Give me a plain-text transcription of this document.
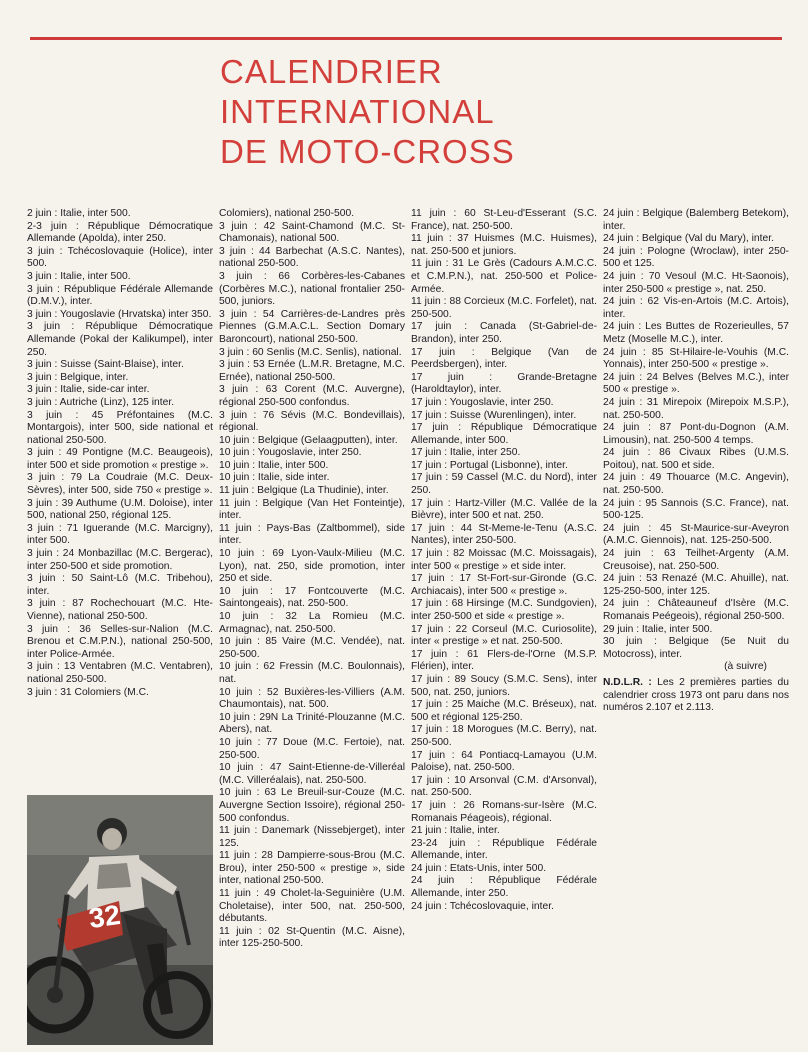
CALENDRIER
INTERNATIONAL
DE MOTO-CROSS

2 juin : Italie, inter 500.

2-3 juin : République Démocratique Allemande (Apolda), inter 250.

3 juin : Tchécoslovaquie (Holice), inter 500.

3 juin : Italie, inter 500.

3 juin : République Fédérale Allemande (D.M.V.), inter.

3 juin : Yougoslavie (Hrvatska) inter 350.

3 juin : République Démocratique Allemande (Pokal der Kalikumpel), inter 250.

3 juin : Suisse (Saint-Blaise), inter.

3 juin : Belgique, inter.

3 juin : Italie, side-car inter.

3 juin : Autriche (Linz), 125 inter.

3 juin : 45 Préfontaines (M.C. Montargois), inter 500, side national et national 250-500.

3 juin : 49 Pontigne (M.C. Beaugeois), inter 500 et side promotion « prestige ».

3 juin : 79 La Coudraie (M.C. Deux-Sèvres), inter 500, side 750 « prestige ».

3 juin : 39 Authume (U.M. Doloise), inter 500, national 250, régional 125.

3 juin : 71 Iguerande (M.C. Marcigny), inter 500.

3 juin : 24 Monbazillac (M.C. Bergerac), inter 250-500 et side promotion.

3 juin : 50 Saint-Lô (M.C. Tribehou), inter.

3 juin : 87 Rochechouart (M.C. Hte-Vienne), national 250-500.

3 juin : 36 Selles-sur-Nalion (M.C. Brenou et C.M.P.N.), national 250-500, inter Police-Armée.

3 juin : 13 Ventabren (M.C. Ventabren), national 250-500.

3 juin : 31 Colomiers (M.C.

Colomiers), national 250-500.

3 juin : 42 Saint-Chamond (M.C. St-Chamonais), national 500.

3 juin : 44 Barbechat (A.S.C. Nantes), national 250-500.

3 juin : 66 Corbères-les-Cabanes (Corbères M.C.), national frontalier 250-500, juniors.

3 juin : 54 Carrières-de-Landres près Piennes (G.M.A.C.L. Section Domary Baroncourt), national 250-500.

3 juin : 60 Senlis (M.C. Senlis), national.

3 juin : 53 Ernée (L.M.R. Bretagne, M.C. Ernée), national 250-500.

3 juin : 63 Corent (M.C. Auvergne), régional 250-500 confondus.

3 juin : 76 Sévis (M.C. Bondevillais), régional.

10 juin : Belgique (Gelaagputten), inter.

10 juin : Yougoslavie, inter 250.

10 juin : Italie, inter 500.

10 juin : Italie, side inter.

11 juin : Belgique (La Thudinie), inter.

11 juin : Belgique (Van Het Fonteintje), inter.

11 juin : Pays-Bas (Zaltbommel), side inter.

10 juin : 69 Lyon-Vaulx-Milieu (M.C. Lyon), nat. 250, side promotion, inter 250 et side.

10 juin : 17 Fontcouverte (M.C. Saintongeais), nat. 250-500.

10 juin : 32 La Romieu (M.C. Armagnac), nat. 250-500.

10 juin : 85 Vaire (M.C. Vendée), nat. 250-500.

10 juin : 62 Fressin (M.C. Boulonnais), nat.

10 juin : 52 Buxières-les-Villiers (A.M. Chaumontais), nat. 500.

10 juin : 29N La Trinité-Plouzanne (M.C. Abers), nat.

10 juin : 77 Doue (M.C. Fertoie), nat. 250-500.

10 juin : 47 Saint-Etienne-de-Villeréal (M.C. Villeréalais), nat. 250-500.

10 juin : 63 Le Breuil-sur-Couze (M.C. Auvergne Section Issoire), régional 250-500 confondus.

11 juin : Danemark (Nissebjerget), inter 125.

11 juin : 28 Dampierre-sous-Brou (M.C. Brou), inter 250-500 « prestige », side inter, national 250-500.

11 juin : 49 Cholet-la-Seguinière (U.M. Choletaise), inter 500, nat. 250-500, débutants.

11 juin : 02 St-Quentin (M.C. Aisne), inter 125-250-500.

11 juin : 60 St-Leu-d'Esserant (S.C. France), nat. 250-500.

11 juin : 37 Huismes (M.C. Huismes), nat. 250-500 et juniors.

11 juin : 31 Le Grès (Cadours A.M.C.C. et C.M.P.N.), nat. 250-500 et Police-Armée.

11 juin : 88 Corcieux (M.C. Forfelet), nat. 250-500.

17 juin : Canada (St-Gabriel-de-Brandon), inter 250.

17 juin : Belgique (Van de Peerdsbergen), inter.

17 juin : Grande-Bretagne (Haroldtaylor), inter.

17 juin : Yougoslavie, inter 250.

17 juin : Suisse (Wurenlingen), inter.

17 juin : République Démocratique Allemande, inter 500.

17 juin : Italie, inter 250.

17 juin : Portugal (Lisbonne), inter.

17 juin : 59 Cassel (M.C. du Nord), inter 250.

17 juin : Hartz-Viller (M.C. Vallée de la Bièvre), inter 500 et nat. 250.

17 juin : 44 St-Meme-le-Tenu (A.S.C. Nantes), inter 250-500.

17 juin : 82 Moissac (M.C. Moissagais), inter 500 « prestige » et side inter.

17 juin : 17 St-Fort-sur-Gironde (G.C. Archiacais), inter 500 « prestige ».

17 juin : 68 Hirsinge (M.C. Sundgovien), inter 250-500 et side « prestige ».

17 juin : 22 Corseul (M.C. Curiosolite), inter « prestige » et nat. 250-500.

17 juin : 61 Flers-de-l'Orne (M.S.P. Flérien), inter.

17 juin : 89 Soucy (S.M.C. Sens), inter 500, nat. 250, juniors.

17 juin : 25 Maiche (M.C. Bréseux), nat. 500 et régional 125-250.

17 juin : 18 Morogues (M.C. Berry), nat. 250-500.

17 juin : 64 Pontiacq-Lamayou (U.M. Paloise), nat. 250-500.

17 juin : 10 Arsonval (C.M. d'Arsonval), nat. 250-500.

17 juin : 26 Romans-sur-Isère (M.C. Romanais Péageois), régional.

21 juin : Italie, inter.

23-24 juin : République Fédérale Allemande, inter.

24 juin : Etats-Unis, inter 500.

24 juin : République Fédérale Allemande, inter 250.

24 juin : Tchécoslovaquie, inter.

24 juin : Belgique (Balemberg Betekom), inter.

24 juin : Belgique (Val du Mary), inter.

24 juin : Pologne (Wroclaw), inter 250-500 et 125.

24 juin : 70 Vesoul (M.C. Ht-Saonois), inter 250-500 « prestige », nat. 250.

24 juin : 62 Vis-en-Artois (M.C. Artois), inter.

24 juin : Les Buttes de Rozerieulles, 57 Metz (Moselle M.C.), inter.

24 juin : 85 St-Hilaire-le-Vouhis (M.C. Yonnais), inter 250-500 « prestige ».

24 juin : 24 Belves (Belves M.C.), inter 500 « prestige ».

24 juin : 31 Mirepoix (Mirepoix M.S.P.), nat. 250-500.

24 juin : 87 Pont-du-Dognon (A.M. Limousin), nat. 250-500 4 temps.

24 juin : 86 Civaux Ribes (U.M.S. Poitou), nat. 500 et side.

24 juin : 49 Thouarce (M.C. Angevin), nat. 250-500.

24 juin : 95 Sannois (S.C. France), nat. 500-125.

24 juin : 45 St-Maurice-sur-Aveyron (A.M.C. Giennois), nat. 125-250-500.

24 juin : 63 Teilhet-Argenty (A.M. Creusoise), nat. 250-500.

24 juin : 53 Renazé (M.C. Ahuille), nat. 125-250-500, inter 125.

24 juin : Châteauneuf d'Isère (M.C. Romanais Peégeois), régional 250-500.

29 juin : Italie, inter 500.

30 juin : Belgique (5e Nuit du Motocross), inter.

(à suivre)

N.D.L.R. : Les 2 premières parties du calendrier cross 1973 ont paru dans nos numéros 2.107 et 2.113.

32
